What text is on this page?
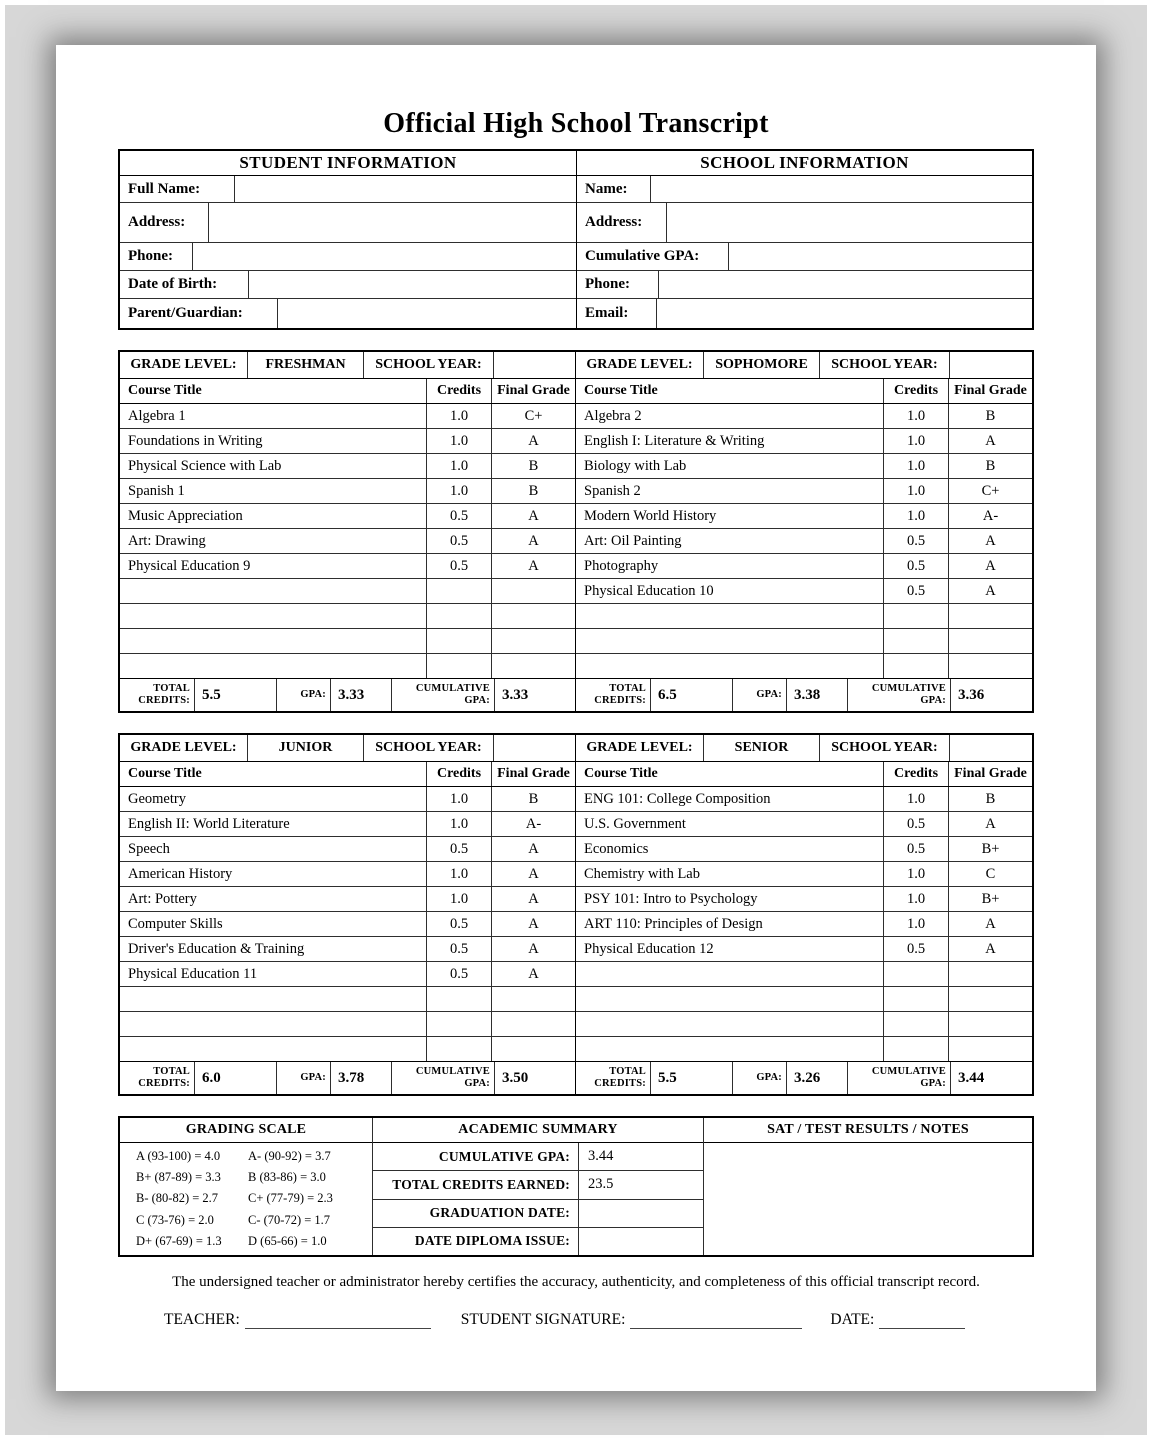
Official High School Transcript
STUDENT INFORMATION
Full Name:
Address:
Phone:
Date of Birth:
Parent/Guardian:
SCHOOL INFORMATION
Name:
Address:
Cumulative GPA:
Phone:
Email:
GRADE LEVEL:	FRESHMAN	SCHOOL YEAR:
Course Title	Credits	Final Grade
Algebra 1	1.0	C+
Foundations in Writing	1.0	A
Physical Science with Lab	1.0	B
Spanish 1	1.0	B
Music Appreciation	0.5	A
Art: Drawing	0.5	A
Physical Education 9	0.5	A
TOTAL CREDITS: 5.5	GPA: 3.33	CUMULATIVE GPA: 3.33
GRADE LEVEL:	SOPHOMORE	SCHOOL YEAR:
Course Title	Credits	Final Grade
Algebra 2	1.0	B
English I: Literature & Writing	1.0	A
Biology with Lab	1.0	B
Spanish 2	1.0	C+
Modern World History	1.0	A-
Art: Oil Painting	0.5	A
Photography	0.5	A
Physical Education 10	0.5	A
TOTAL CREDITS: 6.5	GPA: 3.38	CUMULATIVE GPA: 3.36
GRADE LEVEL:	JUNIOR	SCHOOL YEAR:
Course Title	Credits	Final Grade
Geometry	1.0	B
English II: World Literature	1.0	A-
Speech	0.5	A
American History	1.0	A
Art: Pottery	1.0	A
Computer Skills	0.5	A
Driver's Education & Training	0.5	A
Physical Education 11	0.5	A
TOTAL CREDITS: 6.0	GPA: 3.78	CUMULATIVE GPA: 3.50
GRADE LEVEL:	SENIOR	SCHOOL YEAR:
Course Title	Credits	Final Grade
ENG 101: College Composition	1.0	B
U.S. Government	0.5	A
Economics	0.5	B+
Chemistry with Lab	1.0	C
PSY 101: Intro to Psychology	1.0	B+
ART 110: Principles of Design	1.0	A
Physical Education 12	0.5	A
TOTAL CREDITS: 5.5	GPA: 3.26	CUMULATIVE GPA: 3.44
GRADING SCALE
A (93-100) = 4.0	A- (90-92) = 3.7
B+ (87-89) = 3.3	B (83-86) = 3.0
B- (80-82) = 2.7	C+ (77-79) = 2.3
C (73-76) = 2.0	C- (70-72) = 1.7
D+ (67-69) = 1.3	D (65-66) = 1.0
ACADEMIC SUMMARY
CUMULATIVE GPA:	3.44
TOTAL CREDITS EARNED:	23.5
GRADUATION DATE:
DATE DIPLOMA ISSUE:
SAT / TEST RESULTS / NOTES
The undersigned teacher or administrator hereby certifies the accuracy, authenticity, and completeness of this official transcript record.
TEACHER:	STUDENT SIGNATURE:	DATE:
